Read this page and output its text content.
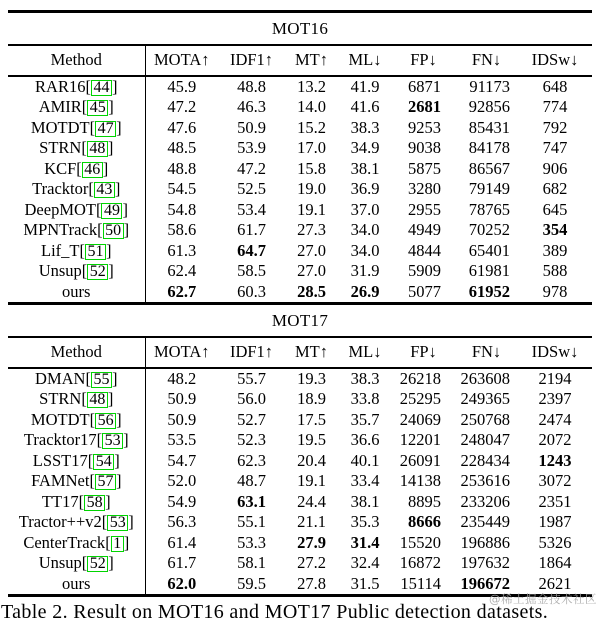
MOT16
Method	MOTA↑	IDF1↑	MT↑	ML↓	FP↓	FN↓	IDSw↓
RAR16[ 44 ]	45.9	48.8	13.2	41.9	6871	91173	648
AMIR[ 45 ]	47.2	46.3	14.0	41.6	2681	92856	774
MOTDT[ 47 ]	47.6	50.9	15.2	38.3	9253	85431	792
STRN[ 48 ]	48.5	53.9	17.0	34.9	9038	84178	747
KCF[ 46 ]	48.8	47.2	15.8	38.1	5875	86567	906
Tracktor[ 43 ]	54.5	52.5	19.0	36.9	3280	79149	682
DeepMOT[ 49 ]	54.8	53.4	19.1	37.0	2955	78765	645
MPNTrack[ 50 ]	58.6	61.7	27.3	34.0	4949	70252	354
Lif_T[ 51 ]	61.3	64.7	27.0	34.0	4844	65401	389
Unsup[ 52 ]	62.4	58.5	27.0	31.9	5909	61981	588
ours	62.7	60.3	28.5	26.9	5077	61952	978
MOT17
Method	MOTA↑	IDF1↑	MT↑	ML↓	FP↓	FN↓	IDSw↓
DMAN[ 55 ]	48.2	55.7	19.3	38.3	26218	263608	2194
STRN[ 48 ]	50.9	56.0	18.9	33.8	25295	249365	2397
MOTDT[ 56 ]	50.9	52.7	17.5	35.7	24069	250768	2474
Tracktor17[ 53 ]	53.5	52.3	19.5	36.6	12201	248047	2072
LSST17[ 54 ]	54.7	62.3	20.4	40.1	26091	228434	1243
FAMNet[ 57 ]	52.0	48.7	19.1	33.4	14138	253616	3072
TT17[ 58 ]	54.9	63.1	24.4	38.1	8895	233206	2351
Tractor++v2[ 53 ]	56.3	55.1	21.1	35.3	8666	235449	1987
CenterTrack[ 1 ]	61.4	53.3	27.9	31.4	15520	196886	5326
Unsup[ 52 ]	61.7	58.1	27.2	32.4	16872	197632	1864
ours	62.0	59.5	27.8	31.5	15114	196672	2621
Table 2. Result on MOT16 and MOT17 Public detection datasets.
@稀土掘金技术社区
